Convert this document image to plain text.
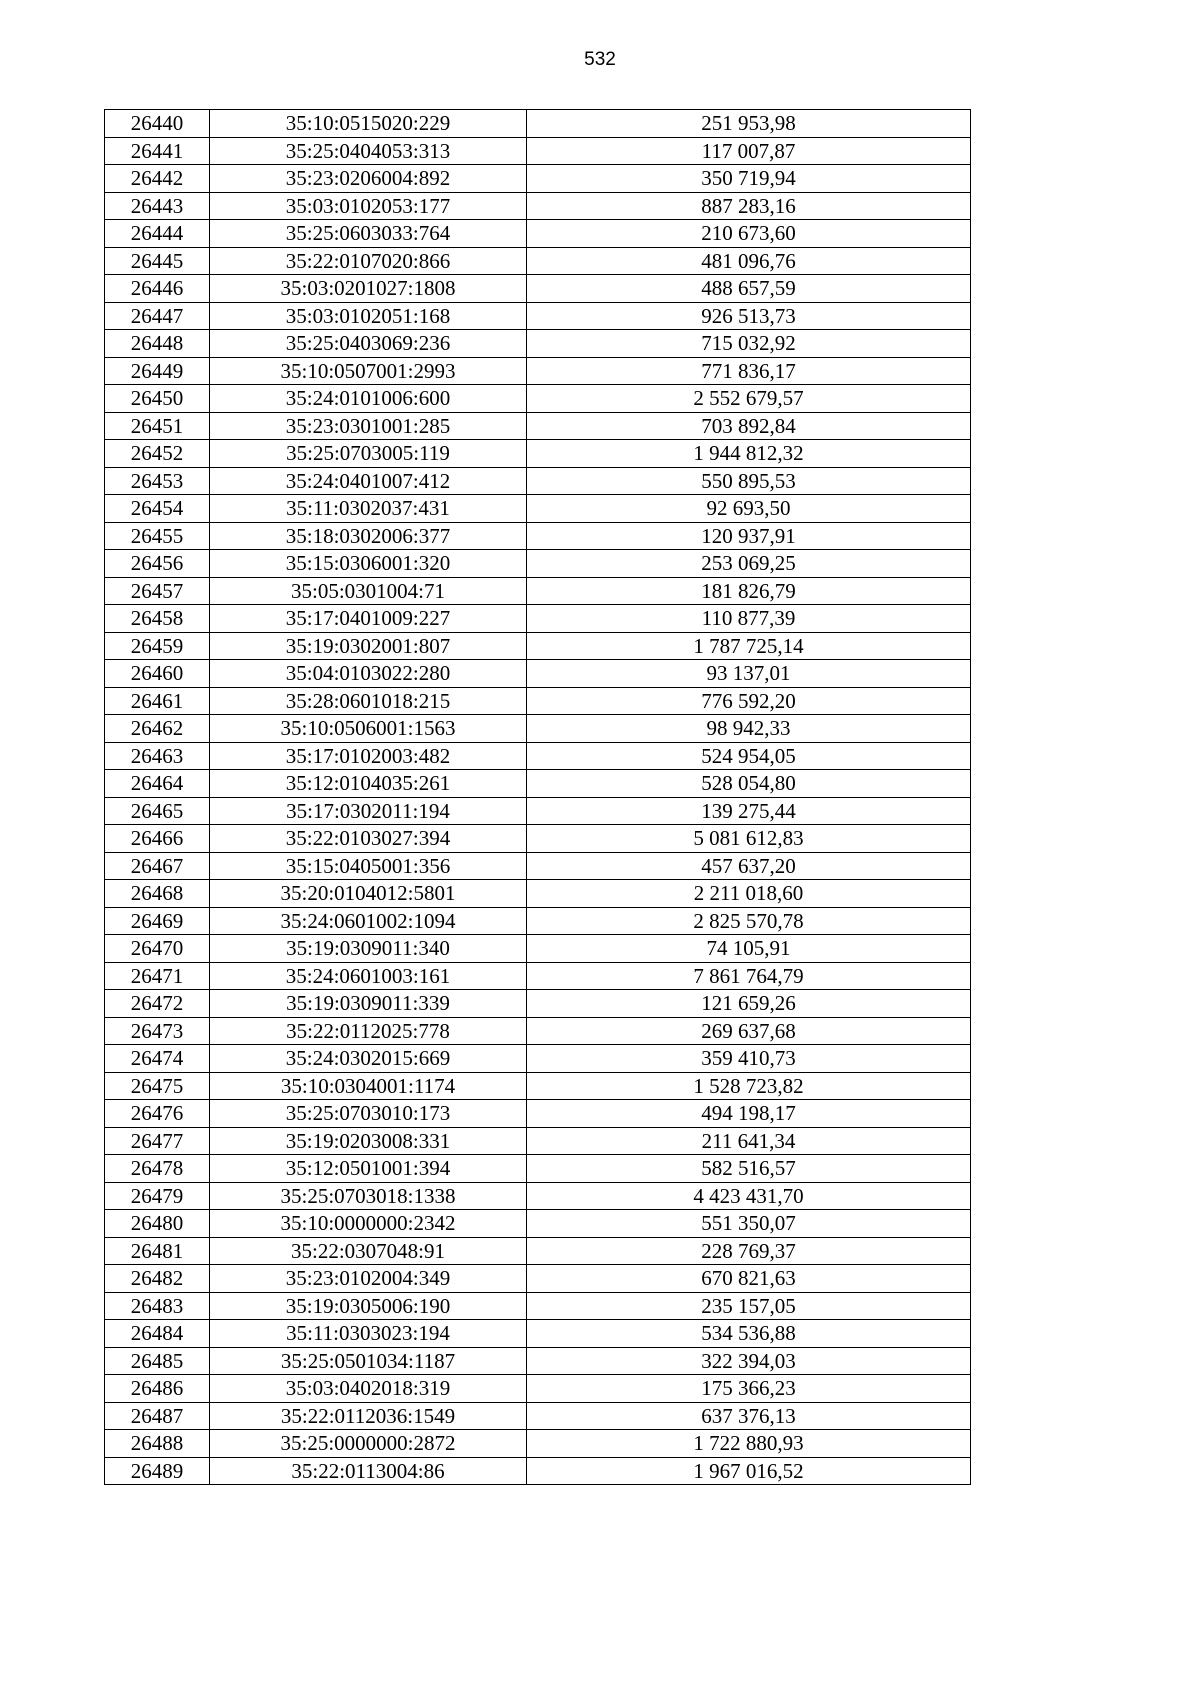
532
26440	35:10:0515020:229	251 953,98
26441	35:25:0404053:313	117 007,87
26442	35:23:0206004:892	350 719,94
26443	35:03:0102053:177	887 283,16
26444	35:25:0603033:764	210 673,60
26445	35:22:0107020:866	481 096,76
26446	35:03:0201027:1808	488 657,59
26447	35:03:0102051:168	926 513,73
26448	35:25:0403069:236	715 032,92
26449	35:10:0507001:2993	771 836,17
26450	35:24:0101006:600	2 552 679,57
26451	35:23:0301001:285	703 892,84
26452	35:25:0703005:119	1 944 812,32
26453	35:24:0401007:412	550 895,53
26454	35:11:0302037:431	92 693,50
26455	35:18:0302006:377	120 937,91
26456	35:15:0306001:320	253 069,25
26457	35:05:0301004:71	181 826,79
26458	35:17:0401009:227	110 877,39
26459	35:19:0302001:807	1 787 725,14
26460	35:04:0103022:280	93 137,01
26461	35:28:0601018:215	776 592,20
26462	35:10:0506001:1563	98 942,33
26463	35:17:0102003:482	524 954,05
26464	35:12:0104035:261	528 054,80
26465	35:17:0302011:194	139 275,44
26466	35:22:0103027:394	5 081 612,83
26467	35:15:0405001:356	457 637,20
26468	35:20:0104012:5801	2 211 018,60
26469	35:24:0601002:1094	2 825 570,78
26470	35:19:0309011:340	74 105,91
26471	35:24:0601003:161	7 861 764,79
26472	35:19:0309011:339	121 659,26
26473	35:22:0112025:778	269 637,68
26474	35:24:0302015:669	359 410,73
26475	35:10:0304001:1174	1 528 723,82
26476	35:25:0703010:173	494 198,17
26477	35:19:0203008:331	211 641,34
26478	35:12:0501001:394	582 516,57
26479	35:25:0703018:1338	4 423 431,70
26480	35:10:0000000:2342	551 350,07
26481	35:22:0307048:91	228 769,37
26482	35:23:0102004:349	670 821,63
26483	35:19:0305006:190	235 157,05
26484	35:11:0303023:194	534 536,88
26485	35:25:0501034:1187	322 394,03
26486	35:03:0402018:319	175 366,23
26487	35:22:0112036:1549	637 376,13
26488	35:25:0000000:2872	1 722 880,93
26489	35:22:0113004:86	1 967 016,52
